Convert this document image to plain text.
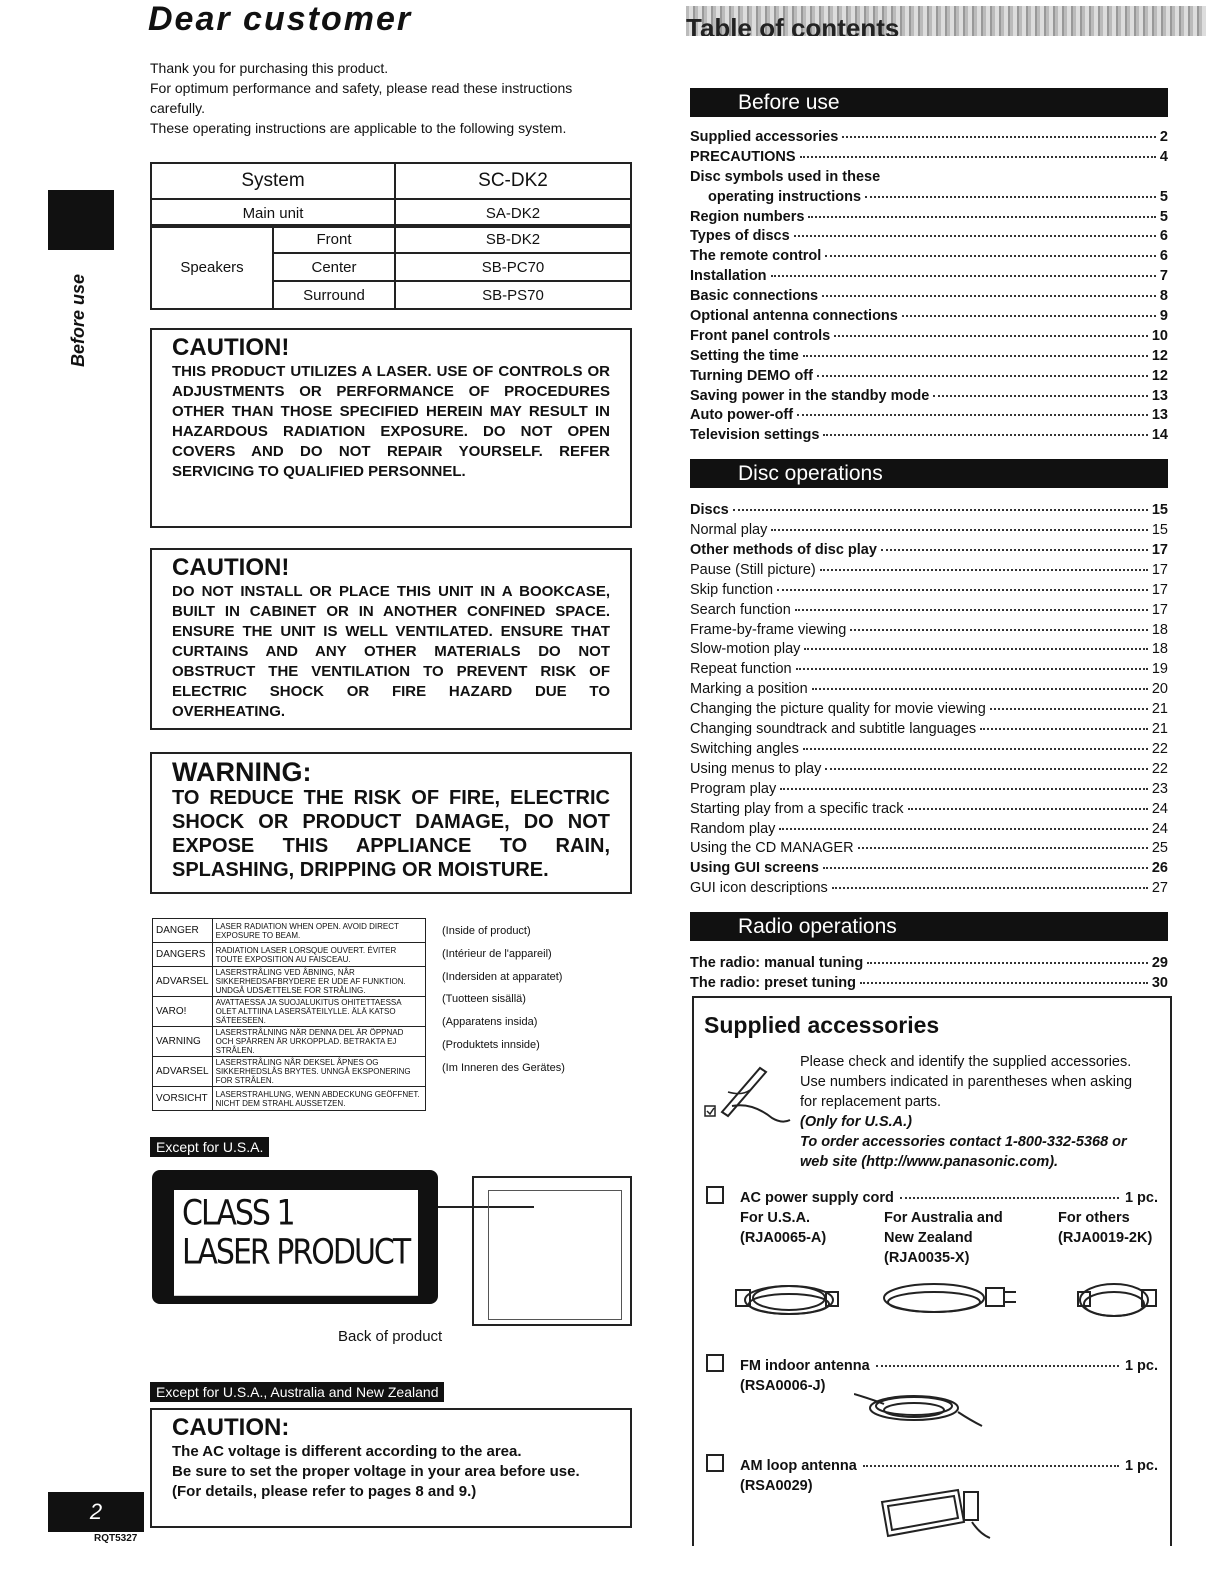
Dear customer

Thank you for purchasing this product.

For optimum performance and safety, please read these instructions carefully.

These operating instructions are applicable to the following system.

System	SC-DK2
Main unit	SA-DK2
Speakers	Front	SB-DK2
	Center	SB-PC70
	Surround	SB-PS70
Before use	CAUTION!
THIS PRODUCT UTILIZES A LASER. USE OF CONTROLS OR ADJUSTMENTS OR PERFORMANCE OF PROCEDURES OTHER THAN THOSE SPECIFIED HEREIN MAY RESULT IN HAZARDOUS RADIATION EXPOSURE. DO NOT OPEN COVERS AND DO NOT REPAIR YOURSELF. REFER SERVICING TO QUALIFIED PERSONNEL.
CAUTION!
DO NOT INSTALL OR PLACE THIS UNIT IN A BOOKCASE, BUILT IN CABINET OR IN ANOTHER CONFINED SPACE. ENSURE THE UNIT IS WELL VENTILATED. ENSURE THAT CURTAINS AND ANY OTHER MATERIALS DO NOT OBSTRUCT THE VENTILATION TO PREVENT RISK OF ELECTRIC SHOCK OR FIRE HAZARD DUE TO OVERHEATING.
WARNING:
TO REDUCE THE RISK OF FIRE, ELECTRIC SHOCK OR PRODUCT DAMAGE, DO NOT EXPOSE THIS APPLIANCE TO RAIN, SPLASHING, DRIPPING OR MOISTURE.
DANGER	LASER RADIATION WHEN OPEN. AVOID DIRECT EXPOSURE TO BEAM.
DANGERS	RADIATION LASER LORSQUE OUVERT. ÉVITER TOUTE EXPOSITION AU FAISCEAU.
ADVARSEL	LASERSTRÅLING VED ÅBNING, NÅR SIKKERHEDSAFBRYDERE ER UDE AF FUNKTION. UNDGÅ UDSÆTTELSE FOR STRÅLING.
VARO!	AVATTAESSA JA SUOJALUKITUS OHITETTAESSA OLET ALTTIINA LASERSÄTEILYLLE. ÄLÄ KATSO SÄTEESEEN.
VARNING	LASERSTRÅLNING NÄR DENNA DEL ÄR ÖPPNAD OCH SPÄRREN ÄR URKOPPLAD. BETRAKTA EJ STRÅLEN.
ADVARSEL	LASERSTRÅLING NÅR DEKSEL ÅPNES OG SIKKERHEDSLÅS BRYTES. UNNGÅ EKSPONERING FOR STRÅLEN.
VORSICHT	LASERSTRAHLUNG, WENN ABDECKUNG GEÖFFNET. NICHT DEM STRAHL AUSSETZEN.
(Inside of product)
(Intérieur de l'appareil)
(Indersiden at apparatet)
(Tuotteen sisällä)
(Apparatens insida)
(Produktets innside)
(Im Inneren des Gerätes)
Except for U.S.A.
CLASS 1
LASER PRODUCT
Back of product
Except for U.S.A., Australia and New Zealand
CAUTION:
The AC voltage is different according to the area.
Be sure to set the proper voltage in your area before use.
(For details, please refer to pages 8 and 9.)
2
RQT5327
Table of contents
Before use
Supplied accessories	2
PRECAUTIONS	4
Disc symbols used in these
operating instructions	5
Region numbers	5
Types of discs	6
The remote control	6
Installation	7
Basic connections	8
Optional antenna connections	9
Front panel controls	10
Setting the time	12
Turning DEMO off	12
Saving power in the standby mode	13
Auto power-off	13
Television settings	14
Disc operations
Discs	15
Normal play	15
Other methods of disc play	17
Pause (Still picture)	17
Skip function	17
Search function	17
Frame-by-frame viewing	18
Slow-motion play	18
Repeat function	19
Marking a position	20
Changing the picture quality for movie viewing	21
Changing soundtrack and subtitle languages	21
Switching angles	22
Using menus to play	22
Program play	23
Starting play from a specific track	24
Random play	24
Using the CD MANAGER	25
Using GUI screens	26
GUI icon descriptions	27
Radio operations
The radio: manual tuning	29
The radio: preset tuning	30
Supplied accessories
Please check and identify the supplied accessories.
Use numbers indicated in parentheses when asking
for replacement parts.
(Only for U.S.A.)
To order accessories contact 1-800-332-5368 or
web site (http://www.panasonic.com).
AC power supply cord	1 pc.
For U.S.A.
(RJA0065-A)
For Australia and New Zealand
(RJA0035-X)
For others
(RJA0019-2K)
FM indoor antenna	1 pc.
(RSA0006-J)
AM loop antenna	1 pc.
(RSA0029)
